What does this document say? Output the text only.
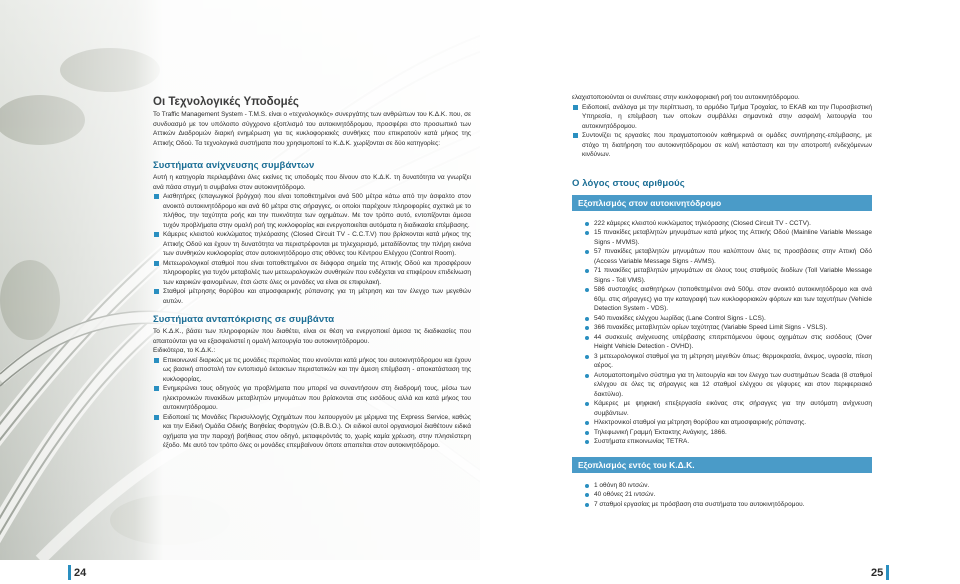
Οι Τεχνολογικές Υποδομές

Το Traffic Management System - T.M.S. είναι ο «τεχνολογικός» συνεργάτης των ανθρώπων του Κ.Δ.Κ. που, σε συνδυασμό με τον υπόλοιπο σύγχρονο εξοπλισμό του αυτοκινητόδρομου, προσφέρει στο προσωπικό των Αττικών Διαδρομών διαρκή ενημέρωση για τις κυκλοφοριακές συνθήκες που επικρατούν κατά μήκος της Αττικής Οδού. Τα τεχνολογικά συστήματα που χρησιμοποιεί το Κ.Δ.Κ. χωρίζονται σε δύο κατηγορίες:

Συστήματα ανίχνευσης συμβάντων

Αυτή η κατηγορία περιλαμβάνει όλες εκείνες τις υποδομές που δίνουν στο Κ.Δ.Κ. τη δυνατότητα να γνωρίζει ανά πάσα στιγμή τι συμβαίνει στον αυτοκινητόδρομο.

Αισθητήρες (επαγωγικοί βρόγχοι) που είναι τοποθετημένοι ανά 500 μέτρα κάτω από την άσφαλτο στον ανοικτό αυτοκινητόδρομο και ανά 60 μέτρα στις σήραγγες, οι οποίοι παρέχουν πληροφορίες σχετικά με το πλήθος, την ταχύτητα ροής και την πυκνότητα των οχημάτων. Με τον τρόπο αυτό, εντοπίζονται άμεσα τυχόν προβλήματα στην ομαλή ροή της κυκλοφορίας και ενεργοποιείται αυτόματα η διαδικασία επέμβασης.

Κάμερες κλειστού κυκλώματος τηλεόρασης (Closed Circuit TV - C.C.T.V) που βρίσκονται κατά μήκος της Αττικής Οδού και έχουν τη δυνατότητα να περιστρέφονται με τηλεχειρισμό, μεταδίδοντας την πλήρη εικόνα των συνθηκών κυκλοφορίας στον αυτοκινητόδρομο στις οθόνες του Κέντρου Ελέγχου (Control Room).

Μετεωρολογικοί σταθμοί που είναι τοποθετημένοι σε διάφορα σημεία της Αττικής Οδού και προσφέρουν πληροφορίες για τυχόν μεταβολές των μετεωρολογικών συνθηκών που ενδέχεται να επιφέρουν επιδείνωση των καιρικών φαινομένων, έτσι ώστε όλες οι μονάδες να είναι σε επιφυλακή.

Σταθμοί μέτρησης θορύβου και ατμοσφαιρικής ρύπανσης για τη μέτρηση και τον έλεγχο των μεγεθών αυτών.

Συστήματα ανταπόκρισης σε συμβάντα

Το Κ.Δ.Κ., βάσει των πληροφοριών που διαθέτει, είναι σε θέση να ενεργοποιεί άμεσα τις διαδικασίες που απαιτούνται για να εξασφαλιστεί η ομαλή λειτουργία του αυτοκινητόδρομου.

Ειδικότερα, το Κ.Δ.Κ.:

Επικοινωνεί διαρκώς με τις μονάδες περιπολίας που κινούνται κατά μήκος του αυτοκινητόδρομου και έχουν ως βασική αποστολή τον εντοπισμό έκτακτων περιστατικών και την άμεση επέμβαση - αποκατάσταση της κυκλοφορίας.

Ενημερώνει τους οδηγούς για προβλήματα που μπορεί να συναντήσουν στη διαδρομή τους, μέσω των ηλεκτρονικών πινακίδων μεταβλητών μηνυμάτων που βρίσκονται στις εισόδους αλλά και κατά μήκος του αυτοκινητόδρομου.

Ειδοποιεί τις Μονάδες Περισυλλογής Οχημάτων που λειτουργούν με μέριμνα της Express Service, καθώς και την Ειδική Ομάδα Οδικής Βοηθείας Φορτηγών (Ο.Β.Β.Ο.). Οι ειδικοί αυτοί οργανισμοί διαθέτουν ειδικά οχήματα για την παροχή βοήθειας στον οδηγό, μεταφερόντάς το, χωρίς καμία χρέωση, στην πλησιέστερη έξοδο. Με αυτό τον τρόπο όλες οι μονάδες επεμβαίνουν όποτε απαιτείται στον αυτοκινητόδρομο.

ελαχιστοποιούνται οι συνέπειες στην κυκλοφοριακή ροή του αυτοκινητόδρομου.

Ειδοποιεί, ανάλογα με την περίπτωση, το αρμόδιο Τμήμα Τροχαίας, το ΕΚΑΒ και την Πυροσβεστική Υπηρεσία, η επέμβαση των οποίων συμβάλλει σημαντικά στην ασφαλή λειτουργία του αυτοκινητόδρομου.

Συντονίζει τις εργασίες που πραγματοποιούν καθημερινά οι ομάδες συντήρησης-επέμβασης, με στόχο τη διατήρηση του αυτοκινητόδρομου σε καλή κατάσταση και την αποτροπή ενδεχόμενων κινδύνων.

Ο λόγος στους αριθμούς
Εξοπλισμός στον αυτοκινητόδρομο
222 κάμερες κλειστού κυκλώματος τηλεόρασης (Closed Circuit TV - CCTV).
15 πινακίδες μεταβλητών μηνυμάτων κατά μήκος της Αττικής Οδού (Mainline Variable Message Signs - MVMS).
57 πινακίδες μεταβλητών μηνυμάτων που καλύπτουν όλες τις προσβάσεις στην Αττική Οδό (Access Variable Message Signs - AVMS).
71 πινακίδες μεταβλητών μηνυμάτων σε όλους τους σταθμούς διοδίων (Toll Variable Message Signs - Toll VMS).
586 συστοιχίες αισθητήρων (τοποθετημένοι ανά 500μ. στον ανοικτό αυτοκινητόδρομο και ανά 60μ. στις σήραγγες) για την καταγραφή των κυκλοφοριακών φόρτων και των ταχυτήτων (Vehicle Detection System - VDS).
540 πινακίδες ελέγχου λωρίδας (Lane Control Signs - LCS).
366 πινακίδες μεταβλητών ορίων ταχύτητας (Variable Speed Limit Signs - VSLS).
44 συσκευές ανίχνευσης υπέρβασης επιτρεπόμενου ύψους οχημάτων στις εισόδους (Over Height Vehicle Detection - OVHD).
3 μετεωρολογικοί σταθμοί για τη μέτρηση μεγεθών όπως: θερμοκρασία, άνεμος, υγρασία, πίεση αέρος.
Αυτοματοποιημένο σύστημα για τη λειτουργία και τον έλεγχο των συστημάτων Scada (8 σταθμοί ελέγχου σε όλες τις σήραγγες και 12 σταθμοί ελέγχου σε γέφυρες και στον περιφερειακό δακτύλιο).
Κάμερες με ψηφιακή επεξεργασία εικόνας στις σήραγγες για την αυτόματη ανίχνευση συμβάντων.
Ηλεκτρονικοί σταθμοί για μέτρηση θορύβου και ατμοσφαιρικής ρύπανσης.
Τηλεφωνική Γραμμή Έκτακτης Ανάγκης, 1866.
Συστήματα επικοινωνίας TETRA.
Εξοπλισμός εντός του Κ.Δ.Κ.
1 οθόνη 80 ιντσών.
40 οθόνες 21 ιντσών.
7 σταθμοί εργασίας με πρόσβαση στα συστήματα του αυτοκινητόδρομου.
24	25
